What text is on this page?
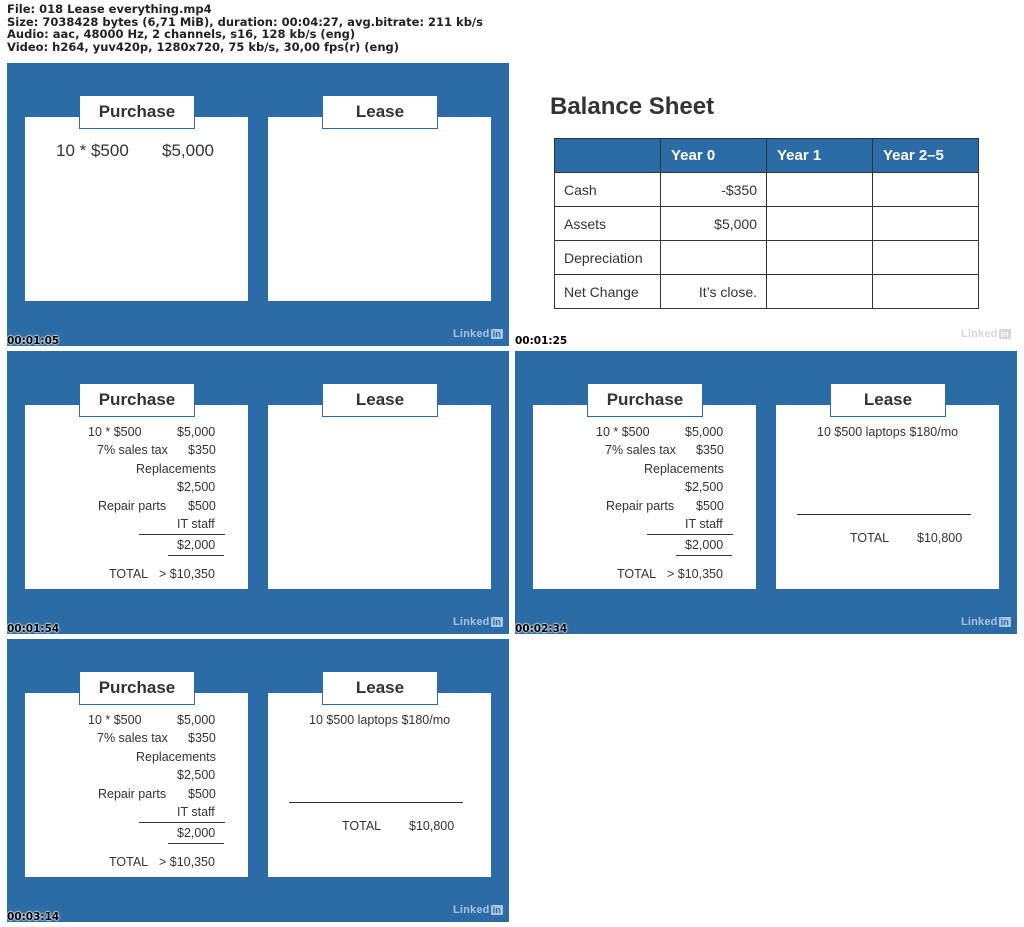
File: 018 Lease everything.mp4
Size: 7038428 bytes (6,71 MiB), duration: 00:04:27, avg.bitrate: 211 kb/s
Audio: aac, 48000 Hz, 2 channels, s16, 128 kb/s (eng)
Video: h264, yuv420p, 1280x720, 75 kb/s, 30,00 fps(r) (eng)
Purchase	Lease
10 * $500 $5,000
Linked in
00:01:05
Balance Sheet
	Year 0	Year 1	Year 2–5
Cash	-$350		
Assets	$5,000		
Depreciation			
Net Change	It’s close.		
Linked in
00:01:25
Purchase	Lease
10 * $500	$5,000
7% sales tax $350
Replacements
$2,500
Repair parts $500
IT staff
$2,000
TOTAL > $10,350
Linked in
00:01:54
Purchase	Lease
10 * $500	$5,000
7% sales tax $350
Replacements
$2,500
Repair parts $500
IT staff
$2,000
TOTAL > $10,350
10 $500 laptops $180/mo
TOTAL $10,800
Linked in
00:02:34
Purchase	Lease
10 * $500	$5,000
7% sales tax $350
Replacements
$2,500
Repair parts $500
IT staff
$2,000
TOTAL > $10,350
10 $500 laptops $180/mo
TOTAL $10,800
Linked in
00:03:14
